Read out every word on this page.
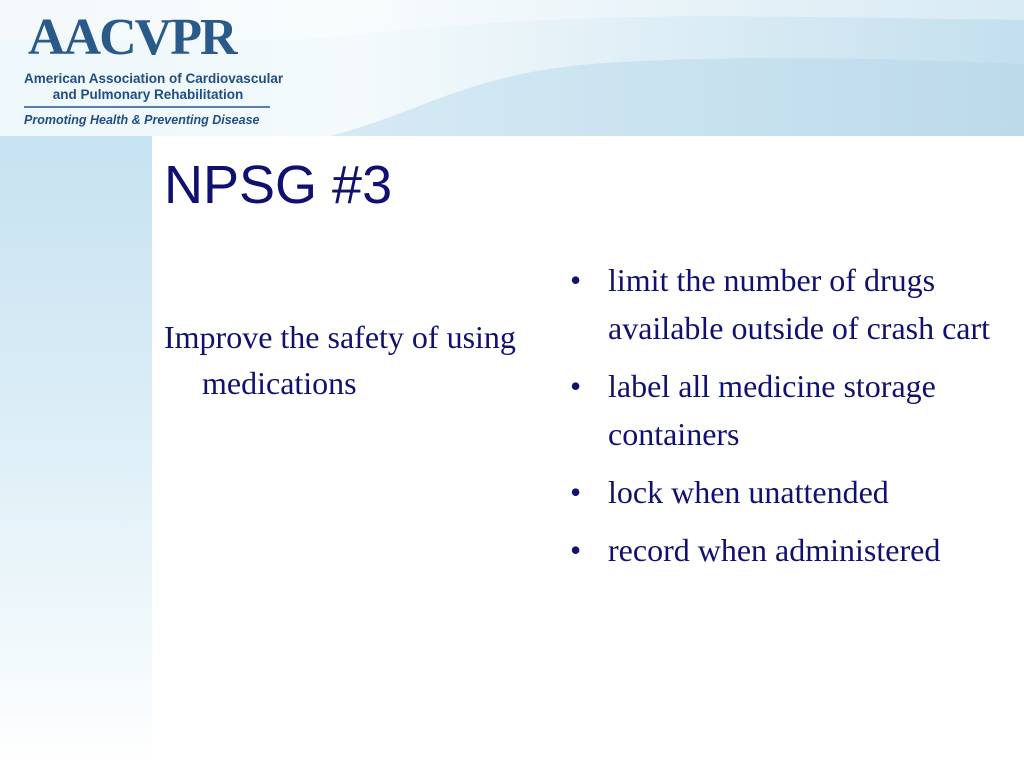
AACVPR
American Association of Cardiovascular
and Pulmonary Rehabilitation
Promoting Health & Preventing Disease
NPSG #3
Improve the safety of using medications
• limit the number of drugs available outside of crash cart
• label all medicine storage containers
• lock when unattended
• record when administered
